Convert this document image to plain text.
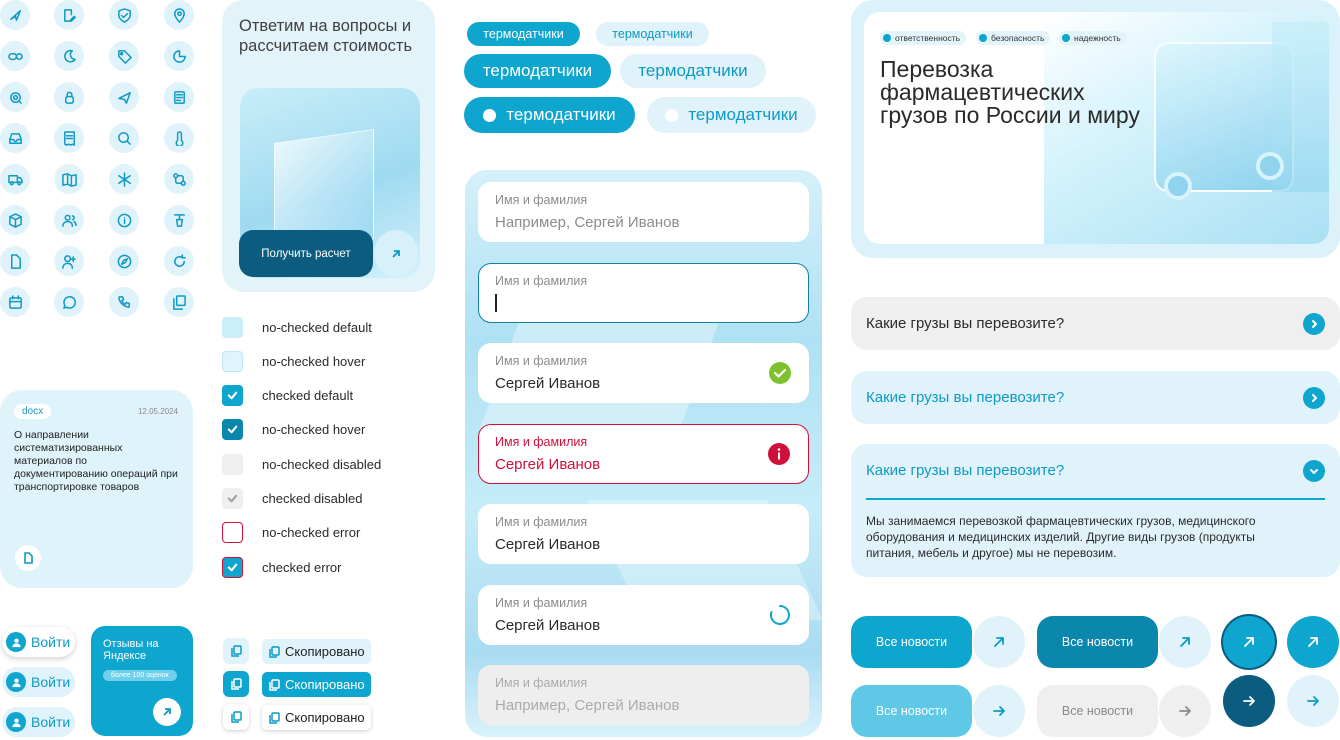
docx	12.05.2024
О направлении систематизированных материалов по документированию операций при транспортировке товаров
Войти
Войти
Войти
Отзывы на Яндексе
более 100 оценок
Ответим на вопросы и рассчитаем стоимость
Получить расчет
no-checked default
no-checked hover
checked default
no-checked hover
no-checked disabled
checked disabled
no-checked error
checked error
Скопировано
Скопировано
Скопировано
термодатчики	термодатчики
термодатчики	термодатчики
термодатчики	термодатчики
Имя и фамилия
Например, Сергей Иванов
Имя и фамилия
Имя и фамилия
Сергей Иванов
Имя и фамилия
Сергей Иванов
Имя и фамилия
Сергей Иванов
Имя и фамилия
Сергей Иванов
Имя и фамилия
Например, Сергей Иванов
ответственность	безопасность	надежность
Перевозка фармацевтических грузов по России и миру
Какие грузы вы перевозите?
Какие грузы вы перевозите?
Какие грузы вы перевозите?
Мы занимаемся перевозкой фармацевтических грузов, медицинского оборудования и медицинских изделий. Другие виды грузов (продукты питания, мебель и другое) мы не перевозим.
Все новости	Все новости
Все новости	Все новости
